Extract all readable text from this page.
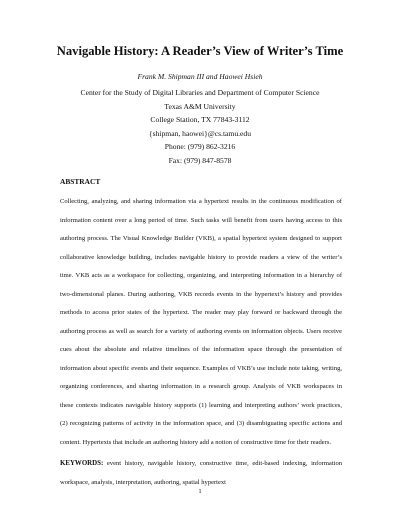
Navigable History: A Reader’s View of Writer’s Time
Frank M. Shipman III and Haowei Hsieh
Center for the Study of Digital Libraries and Department of Computer Science
Texas A&M University
College Station, TX 77843-3112
{shipman, haowei}@cs.tamu.edu
Phone: (979) 862-3216
Fax: (979) 847-8578
ABSTRACT
Collecting, analyzing, and sharing information via a hypertext results in the continuous modification of
information content over a long period of time. Such tasks will benefit from users having access to this
authoring process. The Visual Knowledge Builder (VKB), a spatial hypertext system designed to support
collaborative knowledge building, includes navigable history to provide readers a view of the writer’s
time. VKB acts as a workspace for collecting, organizing, and interpreting information in a hierarchy of
two-dimensional planes. During authoring, VKB records events in the hypertext’s history and provides
methods to access prior states of the hypertext. The reader may play forward or backward through the
authoring process as well as search for a variety of authoring events on information objects. Users receive
cues about the absolute and relative timelines of the information space through the presentation of
information about specific events and their sequence. Examples of VKB’s use include note taking, writing,
organizing conferences, and sharing information in a research group. Analysis of VKB workspaces in
these contexts indicates navigable history supports (1) learning and interpreting authors’ work practices,
(2) recognizing patterns of activity in the information space, and (3) disambiguating specific actions and
content. Hypertexts that include an authoring history add a notion of constructive time for their readers.
KEYWORDS: event history, navigable history, constructive time, edit-based indexing, information
workspace, analysis, interpretation, authoring, spatial hypertext
1
